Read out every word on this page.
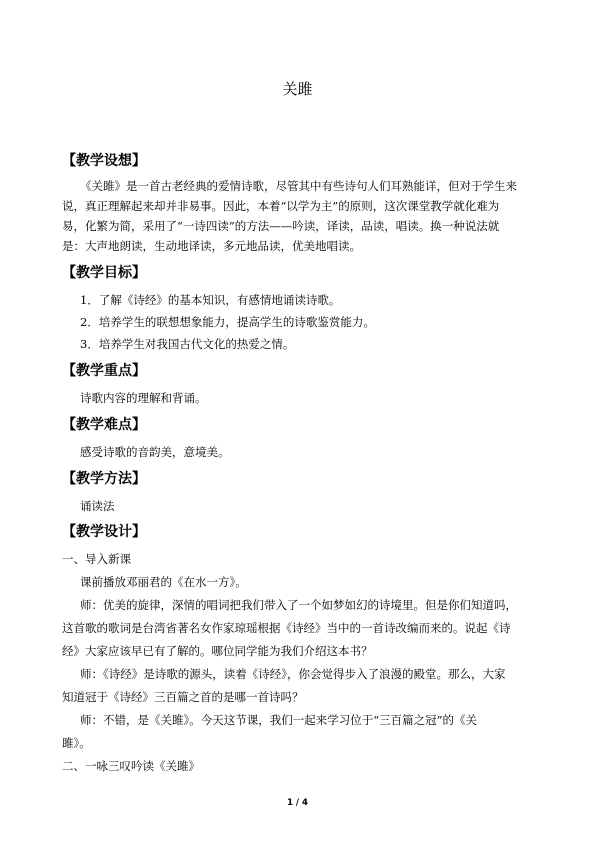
关雎
【教学设想】
《关雎》是一首古老经典的爱情诗歌，尽管其中有些诗句人们耳熟能详，但对于学生来
说，真正理解起来却并非易事。因此，本着“以学为主”的原则，这次课堂教学就化难为
易，化繁为简，采用了“一诗四读”的方法——吟读，译读，品读，唱读。换一种说法就
是：大声地朗读，生动地译读，多元地品读，优美地唱读。
【教学目标】
1．了解《诗经》的基本知识，有感情地诵读诗歌。
2．培养学生的联想想象能力，提高学生的诗歌鉴赏能力。
3．培养学生对我国古代文化的热爱之情。
【教学重点】
诗歌内容的理解和背诵。
【教学难点】
感受诗歌的音韵美，意境美。
【教学方法】
诵读法
【教学设计】
一、导入新课
课前播放邓丽君的《在水一方》。
师：优美的旋律，深情的唱词把我们带入了一个如梦如幻的诗境里。但是你们知道吗，
这首歌的歌词是台湾省著名女作家琼瑶根据《诗经》当中的一首诗改编而来的。说起《诗
经》大家应该早已有了解的。哪位同学能为我们介绍这本书？
师：《诗经》是诗歌的源头，读着《诗经》，你会觉得步入了浪漫的殿堂。那么，大家
知道冠于《诗经》三百篇之首的是哪一首诗吗？
师：不错，是《关雎》。今天这节课，我们一起来学习位于“三百篇之冠”的《关
雎》。
二、一咏三叹吟读《关雎》
1 / 4
